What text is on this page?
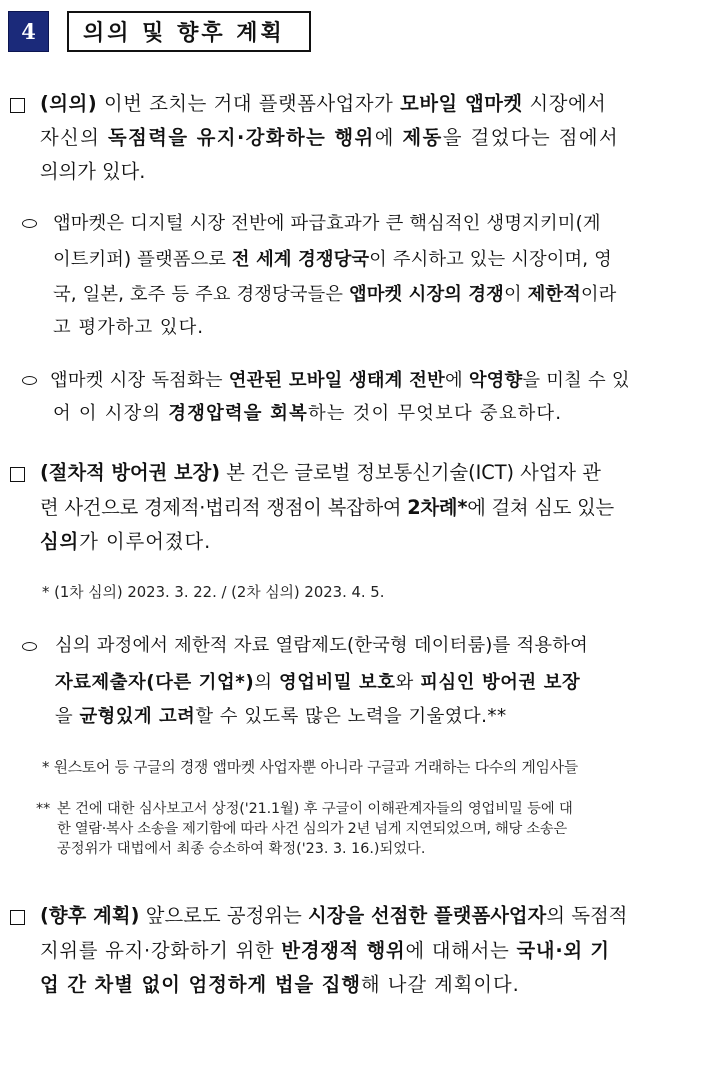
4	의의 및 향후 계획
(의의) 이번 조치는 거대 플랫폼사업자가 모바일 앱마켓 시장에서
자신의 독점력을 유지·강화하는 행위에 제동을 걸었다는 점에서
의의가 있다.
앱마켓은 디지털 시장 전반에 파급효과가 큰 핵심적인 생명지키미(게
이트키퍼) 플랫폼으로 전 세계 경쟁당국이 주시하고 있는 시장이며, 영
국, 일본, 호주 등 주요 경쟁당국들은 앱마켓 시장의 경쟁이 제한적이라
고 평가하고 있다.
앱마켓 시장 독점화는 연관된 모바일 생태계 전반에 악영향을 미칠 수 있
어 이 시장의 경쟁압력을 회복하는 것이 무엇보다 중요하다.
(절차적 방어권 보장) 본 건은 글로벌 정보통신기술(ICT) 사업자 관
련 사건으로 경제적·법리적 쟁점이 복잡하여 2차례*에 걸쳐 심도 있는
심의가 이루어졌다.
* (1차 심의) 2023. 3. 22. / (2차 심의) 2023. 4. 5.
심의 과정에서 제한적 자료 열람제도(한국형 데이터룸)를 적용하여
자료제출자(다른 기업*)의 영업비밀 보호와 피심인 방어권 보장
을 균형있게 고려할 수 있도록 많은 노력을 기울였다.**
* 원스토어 등 구글의 경쟁 앱마켓 사업자뿐 아니라 구글과 거래하는 다수의 게임사들
** 본 건에 대한 심사보고서 상정('21.1월) 후 구글이 이해관계자들의 영업비밀 등에 대
한 열람·복사 소송을 제기함에 따라 사건 심의가 2년 넘게 지연되었으며, 해당 소송은
공정위가 대법에서 최종 승소하여 확정('23. 3. 16.)되었다.
(향후 계획) 앞으로도 공정위는 시장을 선점한 플랫폼사업자의 독점적
지위를 유지·강화하기 위한 반경쟁적 행위에 대해서는 국내·외 기
업 간 차별 없이 엄정하게 법을 집행해 나갈 계획이다.
